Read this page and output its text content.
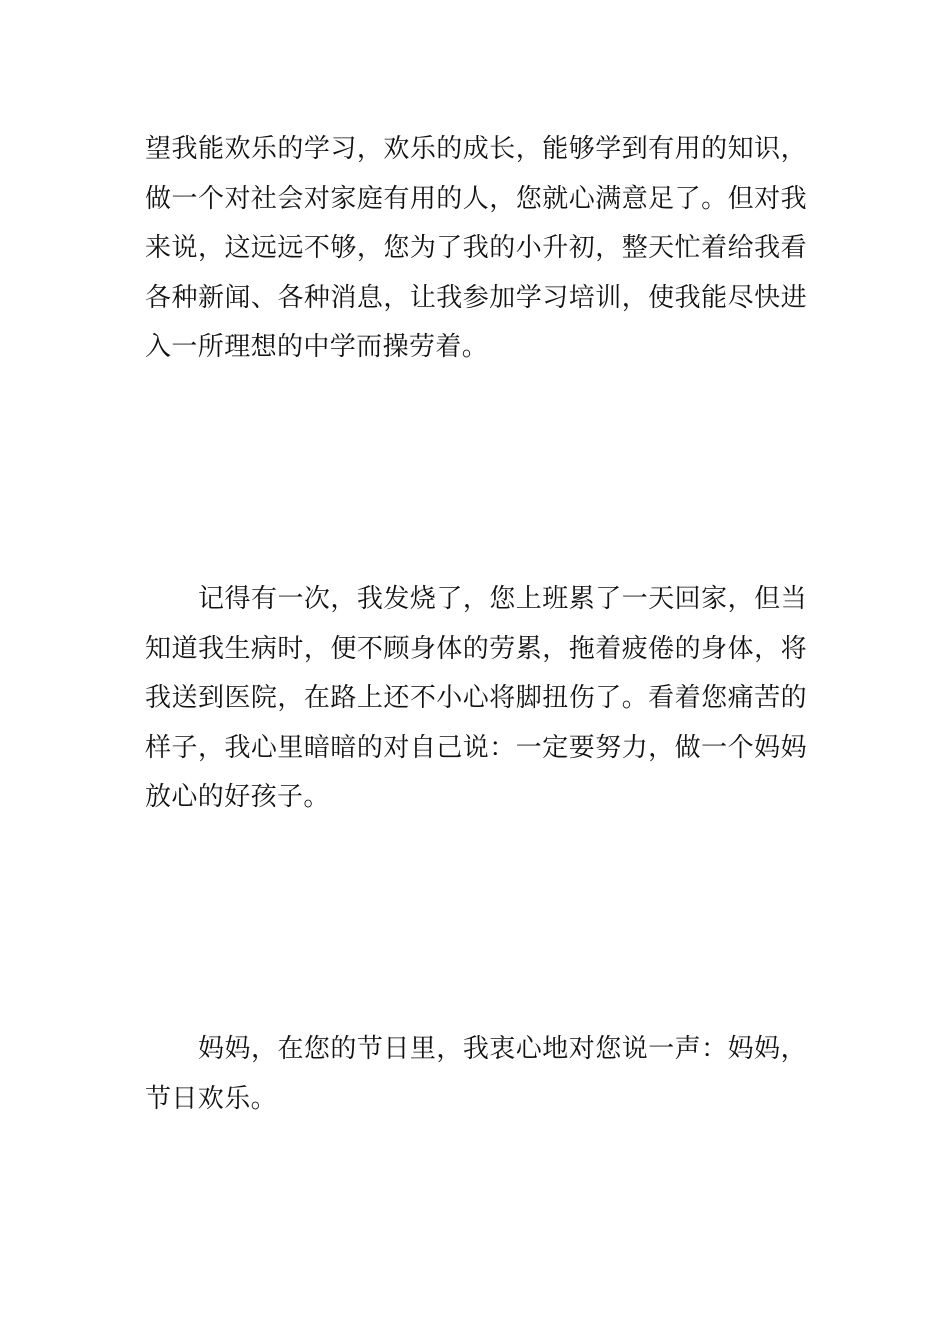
望我能欢乐的学习，欢乐的成长，能够学到有用的知识，做一个对社会对家庭有用的人，您就心满意足了。但对我来说，这远远不够，您为了我的小升初，整天忙着给我看各种新闻、各种消息，让我参加学习培训，使我能尽快进入一所理想的中学而操劳着。

记得有一次，我发烧了，您上班累了一天回家，但当知道我生病时，便不顾身体的劳累，拖着疲倦的身体，将我送到医院，在路上还不小心将脚扭伤了。看着您痛苦的样子，我心里暗暗的对自己说：一定要努力，做一个妈妈放心的好孩子。

妈妈，在您的节日里，我衷心地对您说一声：妈妈，节日欢乐。
